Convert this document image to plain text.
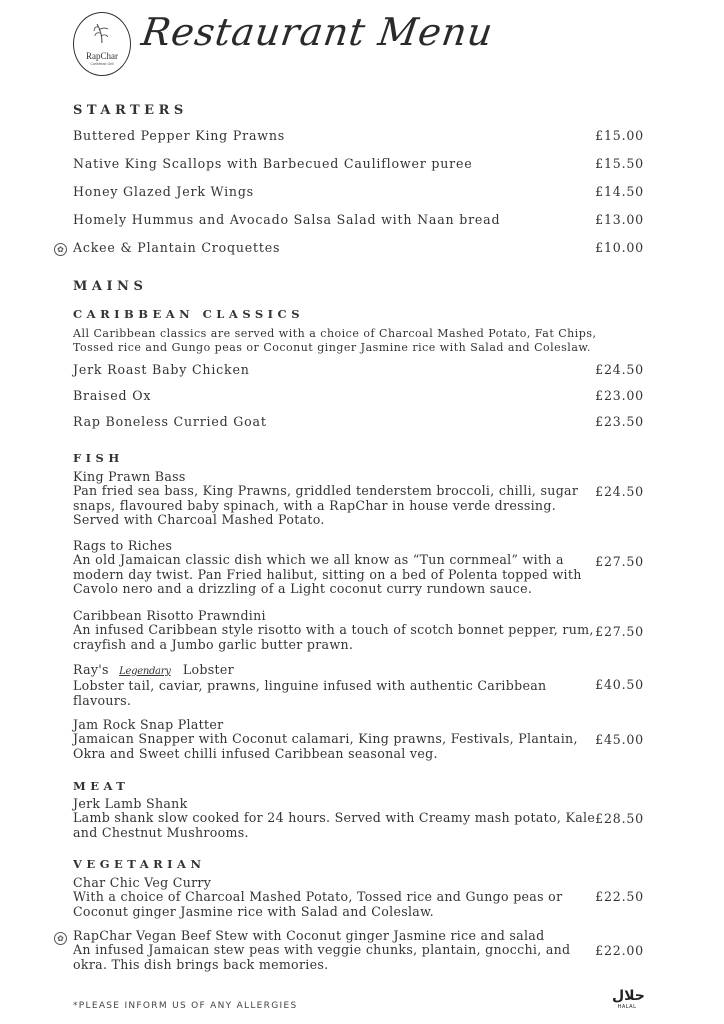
RapChar
Caribbean Grill
Restaurant Menu
STARTERS
Buttered Pepper King Prawns	£15.00
Native King Scallops with Barbecued Cauliflower puree	£15.50
Honey Glazed Jerk Wings	£14.50
Homely Hummus and Avocado Salsa Salad with Naan bread	£13.00
✿ Ackee & Plantain Croquettes	£10.00
MAINS
CARIBBEAN CLASSICS
All Caribbean classics are served with a choice of Charcoal Mashed Potato, Fat Chips, Tossed rice and Gungo peas or Coconut ginger Jasmine rice with Salad and Coleslaw.
Jerk Roast Baby Chicken	£24.50
Braised Ox	£23.00
Rap Boneless Curried Goat	£23.50
FISH
King Prawn Bass
Pan fried sea bass, King Prawns, griddled tenderstem broccoli, chilli, sugar snaps, flavoured baby spinach, with a RapChar in house verde dressing. Served with Charcoal Mashed Potato.
£24.50
Rags to Riches
An old Jamaican classic dish which we all know as “Tun cornmeal” with a modern day twist. Pan Fried halibut, sitting on a bed of Polenta topped with Cavolo nero and a drizzling of a Light coconut curry rundown sauce.
£27.50
Caribbean Risotto Prawndini
An infused Caribbean style risotto with a touch of scotch bonnet pepper, rum, crayfish and a Jumbo garlic butter prawn.
£27.50
Ray's Legendary Lobster
Lobster tail, caviar, prawns, linguine infused with authentic Caribbean flavours.
£40.50
Jam Rock Snap Platter
Jamaican Snapper with Coconut calamari, King prawns, Festivals, Plantain, Okra and Sweet chilli infused Caribbean seasonal veg.
£45.00
MEAT
Jerk Lamb Shank
Lamb shank slow cooked for 24 hours. Served with Creamy mash potato, Kale and Chestnut Mushrooms.
£28.50
VEGETARIAN
Char Chic Veg Curry
With a choice of Charcoal Mashed Potato, Tossed rice and Gungo peas or Coconut ginger Jasmine rice with Salad and Coleslaw.
£22.50
✿ RapChar Vegan Beef Stew with Coconut ginger Jasmine rice and salad
An infused Jamaican stew peas with veggie chunks, plantain, gnocchi, and okra. This dish brings back memories.
£22.00
*PLEASE INFORM US OF ANY ALLERGIES
حلال
HALAL
